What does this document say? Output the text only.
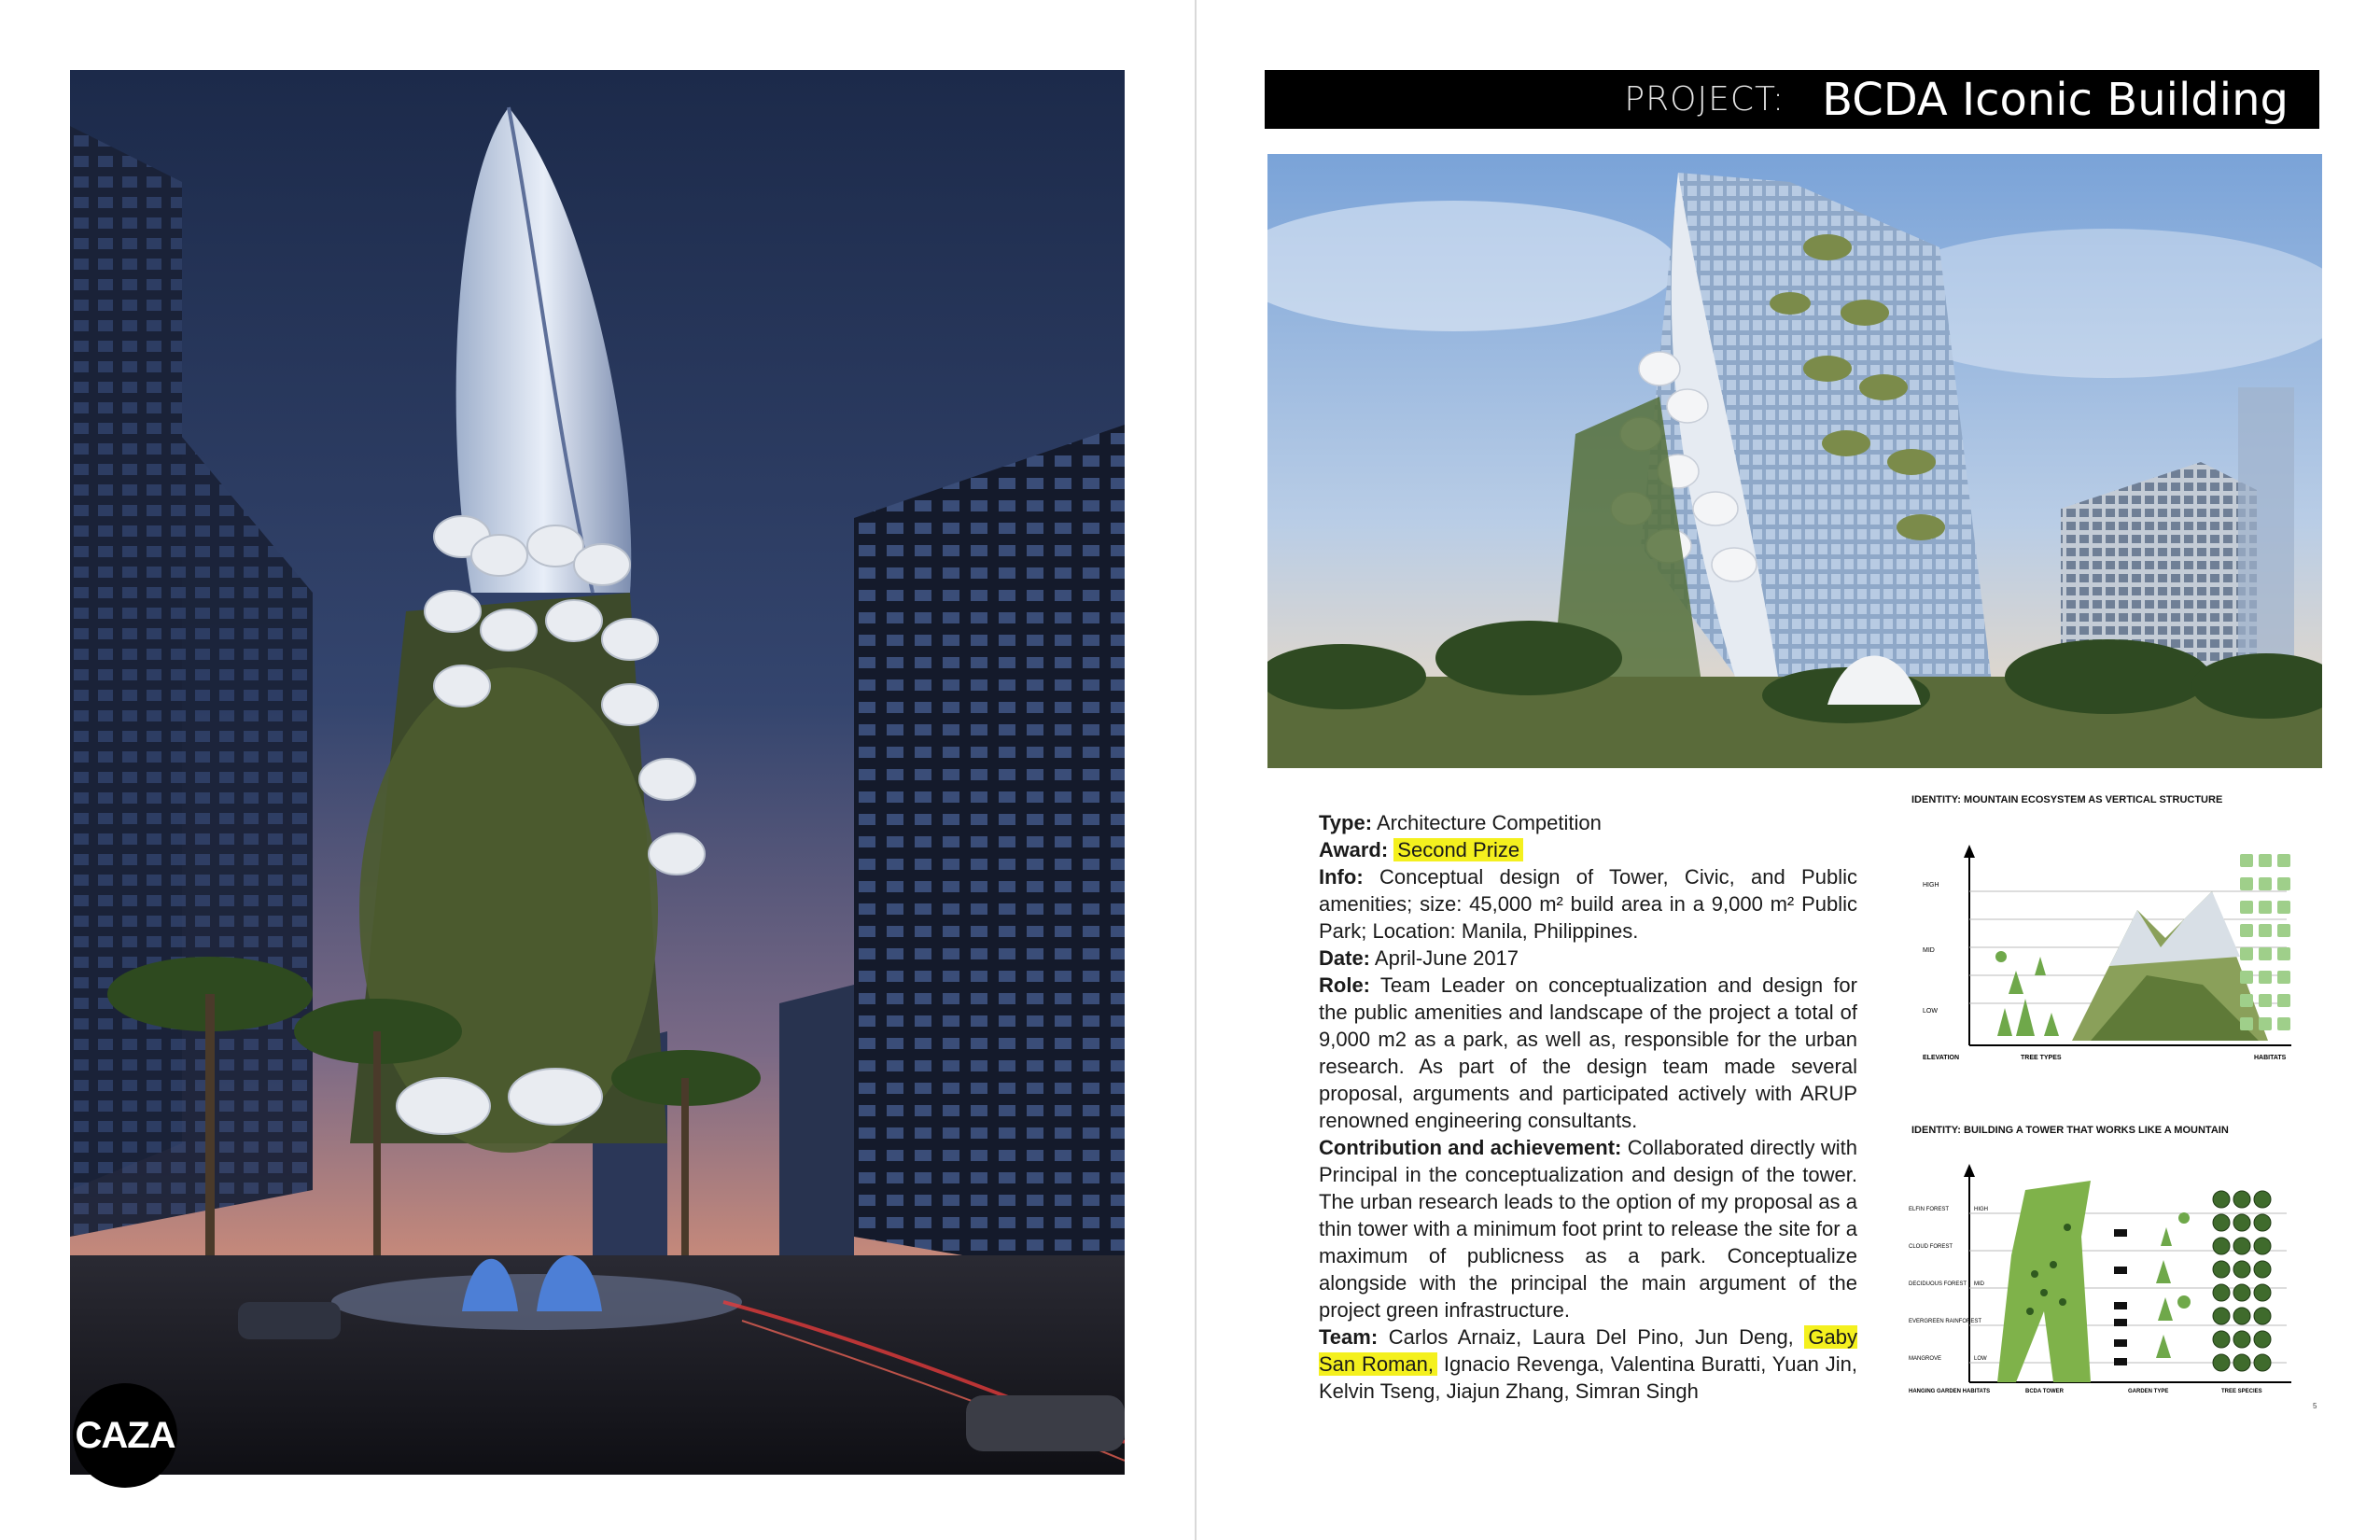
CAZA
PROJECT: BCDA Iconic Building

Type: Architecture Competition

Award: Second Prize

Info: Conceptual design of Tower, Civic, and Public amenities; size: 45,000 m² build area in a 9,000 m² Public Park; Location: Manila, Philippines.

Date: April-June 2017

Role: Team Leader on conceptualization and design for the public amenities and landscape of the project a total of 9,000 m2 as a park, as well as, responsible for the urban research. As part of the design team made several proposal, arguments and participated actively with ARUP renowned engineering consultants.

Contribution and achievement: Collaborated directly with Principal in the conceptualization and design of the tower. The urban research leads to the option of my proposal as a thin tower with a minimum foot print to release the site for a maximum of publicness as a park. Conceptualize alongside with the principal the main argument of the project green infrastructure.

Team: Carlos Arnaiz, Laura Del Pino, Jun Deng, Gaby San Roman, Ignacio Revenga, Valentina Buratti, Yuan Jin, Kelvin Tseng, Jiajun Zhang, Simran Singh

IDENTITY: MOUNTAIN ECOSYSTEM AS VERTICAL STRUCTURE
HIGH
MID
LOW
ELEVATION	TREE TYPES	HABITATS
IDENTITY: BUILDING A TOWER THAT WORKS LIKE A MOUNTAIN
ELFIN FOREST
CLOUD FOREST
DECIDUOUS FOREST
EVERGREEN RAINFOREST
MANGROVE
HIGH
MID
LOW
HANGING GARDEN HABITATS	BCDA TOWER	GARDEN TYPE	TREE SPECIES
5
